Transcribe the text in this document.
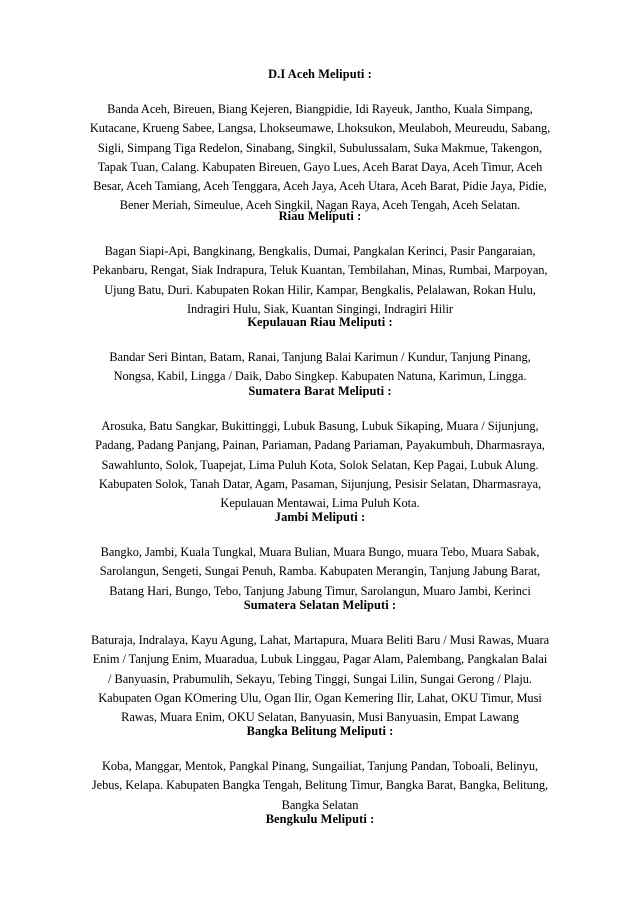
D.I Aceh Meliputi :
Banda Aceh, Bireuen, Biang Kejeren, Biangpidie, Idi Rayeuk, Jantho, Kuala Simpang,
Kutacane, Krueng Sabee, Langsa, Lhokseumawe, Lhoksukon, Meulaboh, Meureudu, Sabang,
Sigli, Simpang Tiga Redelon, Sinabang, Singkil, Subulussalam, Suka Makmue, Takengon,
Tapak Tuan, Calang. Kabupaten Bireuen, Gayo Lues, Aceh Barat Daya, Aceh Timur, Aceh
Besar, Aceh Tamiang, Aceh Tenggara, Aceh Jaya, Aceh Utara, Aceh Barat, Pidie Jaya, Pidie,
Bener Meriah, Simeulue, Aceh Singkil, Nagan Raya, Aceh Tengah, Aceh Selatan.
Riau Meliputi :
Bagan Siapi-Api, Bangkinang, Bengkalis, Dumai, Pangkalan Kerinci, Pasir Pangaraian,
Pekanbaru, Rengat, Siak Indrapura, Teluk Kuantan, Tembilahan, Minas, Rumbai, Marpoyan,
Ujung Batu, Duri. Kabupaten Rokan Hilir, Kampar, Bengkalis, Pelalawan, Rokan Hulu,
Indragiri Hulu, Siak, Kuantan Singingi, Indragiri Hilir
Kepulauan Riau Meliputi :
Bandar Seri Bintan, Batam, Ranai, Tanjung Balai Karimun / Kundur, Tanjung Pinang,
Nongsa, Kabil, Lingga / Daik, Dabo Singkep. Kabupaten Natuna, Karimun, Lingga.
Sumatera Barat Meliputi :
Arosuka, Batu Sangkar, Bukittinggi, Lubuk Basung, Lubuk Sikaping, Muara / Sijunjung,
Padang, Padang Panjang, Painan, Pariaman, Padang Pariaman, Payakumbuh, Dharmasraya,
Sawahlunto, Solok, Tuapejat, Lima Puluh Kota, Solok Selatan, Kep Pagai, Lubuk Alung.
Kabupaten Solok, Tanah Datar, Agam, Pasaman, Sijunjung, Pesisir Selatan, Dharmasraya,
Kepulauan Mentawai, Lima Puluh Kota.
Jambi Meliputi :
Bangko, Jambi, Kuala Tungkal, Muara Bulian, Muara Bungo, muara Tebo, Muara Sabak,
Sarolangun, Sengeti, Sungai Penuh, Ramba. Kabupaten Merangin, Tanjung Jabung Barat,
Batang Hari, Bungo, Tebo, Tanjung Jabung Timur, Sarolangun, Muaro Jambi, Kerinci
Sumatera Selatan Meliputi :
Baturaja, Indralaya, Kayu Agung, Lahat, Martapura, Muara Beliti Baru / Musi Rawas, Muara
Enim / Tanjung Enim, Muaradua, Lubuk Linggau, Pagar Alam, Palembang, Pangkalan Balai
/ Banyuasin, Prabumulih, Sekayu, Tebing Tinggi, Sungai Lilin, Sungai Gerong / Plaju.
Kabupaten Ogan KOmering Ulu, Ogan Ilir, Ogan Kemering Ilir, Lahat, OKU Timur, Musi
Rawas, Muara Enim, OKU Selatan, Banyuasin, Musi Banyuasin, Empat Lawang
Bangka Belitung Meliputi :
Koba, Manggar, Mentok, Pangkal Pinang, Sungailiat, Tanjung Pandan, Toboali, Belinyu,
Jebus, Kelapa. Kabupaten Bangka Tengah, Belitung Timur, Bangka Barat, Bangka, Belitung,
Bangka Selatan
Bengkulu Meliputi :
